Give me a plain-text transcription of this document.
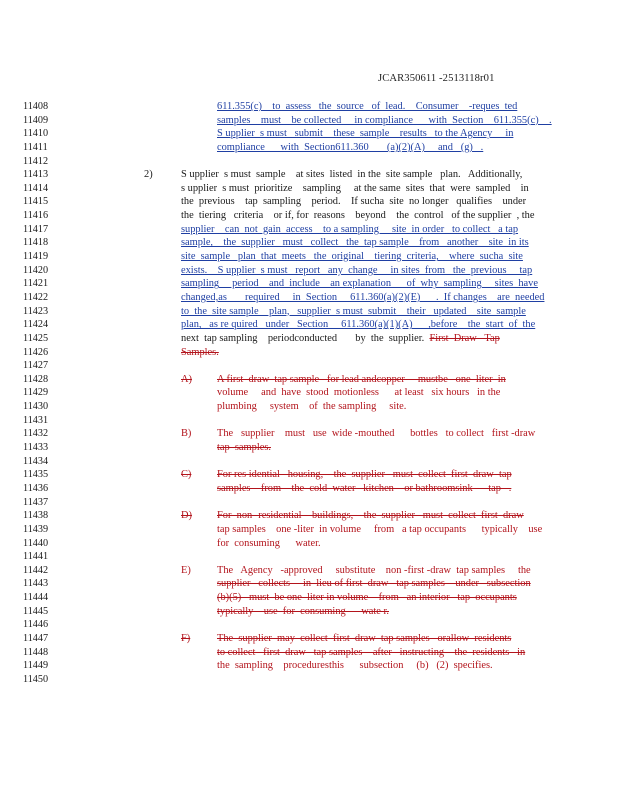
JCAR350611 -2513118r01
11408	611.355(c)    to  assess   the  source   of  lead.    Consumer    -reques  ted
11409	samples    must    be collected     in compliance      with  Section    611.355(c)    .
11410	S upplier  s must   submit    these  sample    results   to the Agency     in
11411	compliance      with  Section611.360       (a)(2)(A)     and   (g)   .
11412
11413	2)	S upplier  s must  sample    at sites  listed  in the  site sample   plan.   Additionally,
11414	s upplier  s must  prioritize    sampling     at the same  sites  that  were  sampled    in
11415	the  previous    tap  sampling    period.    If sucha  site  no longer   qualifies    under
11416	the  tiering   criteria    or if, for  reasons    beyond    the  control   of the supplier  , the
11417	supplier    can  not  gain  access    to a sampling     site  in order   to collect   a tap
11418	sample,    the  supplier   must   collect   the  tap sample    from   another    site  in its
11419	site  sample   plan  that  meets   the  original    tiering  criteria,    where  sucha  site
11420	exists.    S upplier  s must   report   any  change     in sites  from   the  previous     tap
11421	sampling     period    and  include    an explanation      of  why  sampling     sites  have
11422	changed,as       required     in  Section     611.360(a)(2)(E)      .  If changes    are  needed
11423	to  the  site sample    plan,   supplier  s must  submit    their   updated    site  sample
11424	plan,   as re quired   under   Section     611.360(a)(1)(A)      ,before    the  start  of  the
11425	next  tap sampling    periodconducted       by  the  supplier.  First  Draw   Tap
11426	Samples.
11427
11428	A) A first  draw  tap sample   for lead andcopper     mustbe   one  liter  in
11429	volume     and  have  stood  motionless      at least   six hours   in the
11430	plumbing     system    of  the sampling     site.
11431
11432	B) The   supplier    must   use  wide -mouthed      bottles   to collect   first -draw
11433	tap  samples.
11434
11435	C) For res idential   housing,    the  supplier   must  collect  first  draw  tap
11436	samples    from    the  cold  water   kitchen    or bathroomsink      tap   .
11437
11438	D) For  non -residential    buildings,    the  supplier   must  collect  first  draw
11439	tap samples    one -liter  in volume     from   a tap occupants      typically    use
11440	for  consuming      water.
11441
11442	E)	The   Agency   -approved     substitute    non -first -draw  tap samples     the
11443	supplier   collects     in  lieu of first  draw   tap samples    under   subsection
11444	(b)(5)   must  be one  liter in volume    from   an interior   tap  occupants
11445	typically    use  for  consuming      wate r.
11446
11447	F)	The  supplier  may  collect  first  draw  tap samples   orallow  residents
11448	to collect   first  draw   tap samples    after   instructing    the  residents   in
11449	the  sampling    proceduresthis      subsection     (b)   (2)  specifies.
11450
